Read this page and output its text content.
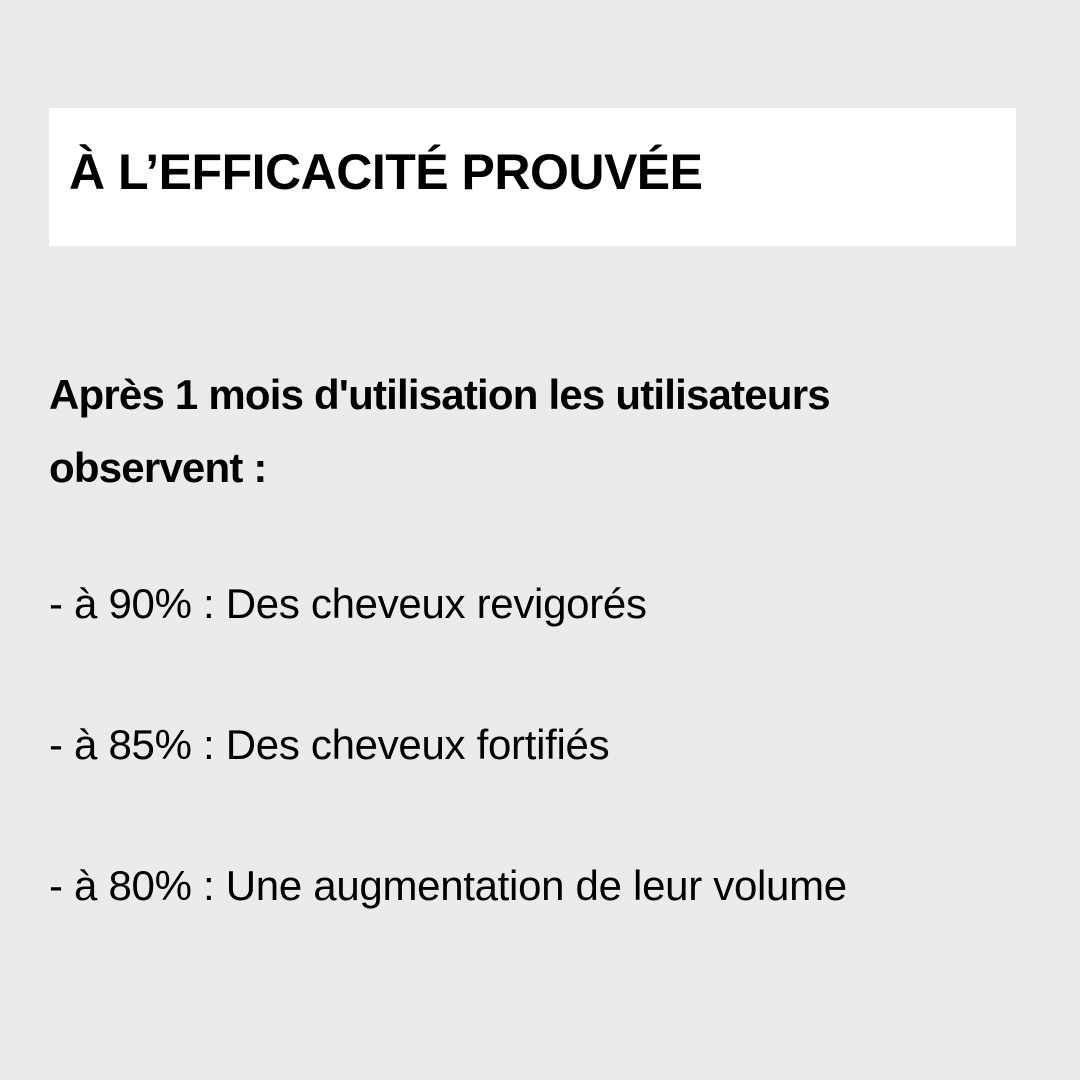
À L’EFFICACITÉ PROUVÉE

Après 1 mois d'utilisation les utilisateurs
observent :

- à 90% : Des cheveux revigorés

- à 85% : Des cheveux fortifiés

- à 80% : Une augmentation de leur volume
